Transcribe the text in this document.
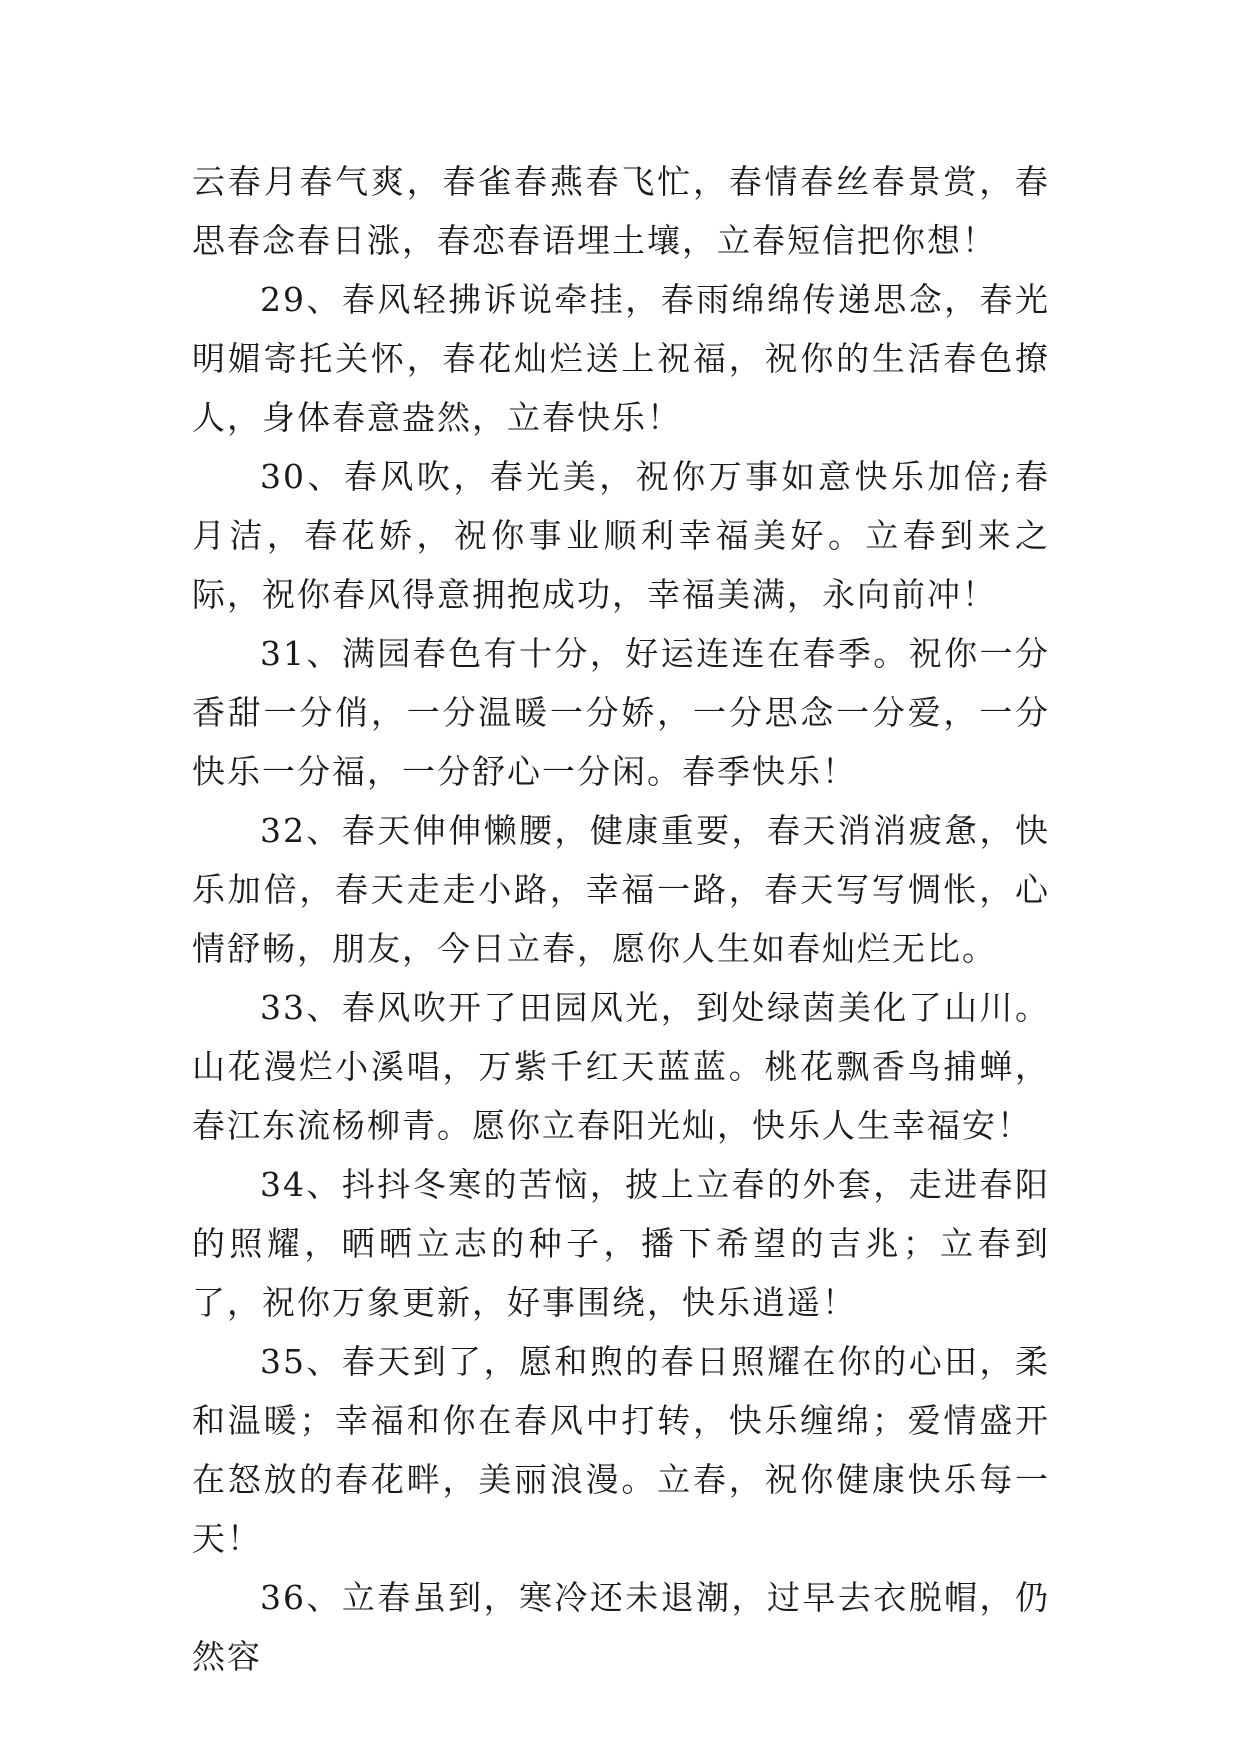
云春月春气爽，春雀春燕春飞忙，春情春丝春景赏，春思春念春日涨，春恋春语埋土壤，立春短信把你想！

29、春风轻拂诉说牵挂，春雨绵绵传递思念，春光明媚寄托关怀，春花灿烂送上祝福，祝你的生活春色撩人，身体春意盎然，立春快乐！

30、春风吹，春光美，祝你万事如意快乐加倍;春月洁，春花娇，祝你事业顺利幸福美好。立春到来之际，祝你春风得意拥抱成功，幸福美满，永向前冲！

31、满园春色有十分，好运连连在春季。祝你一分香甜一分俏，一分温暖一分娇，一分思念一分爱，一分快乐一分福，一分舒心一分闲。春季快乐！

32、春天伸伸懒腰，健康重要，春天消消疲惫，快乐加倍，春天走走小路，幸福一路，春天写写惆怅，心情舒畅，朋友，今日立春，愿你人生如春灿烂无比。

33、春风吹开了田园风光，到处绿茵美化了山川。山花漫烂小溪唱，万紫千红天蓝蓝。桃花飘香鸟捕蝉，春江东流杨柳青。愿你立春阳光灿，快乐人生幸福安！

34、抖抖冬寒的苦恼，披上立春的外套，走进春阳的照耀，晒晒立志的种子，播下希望的吉兆；立春到了，祝你万象更新，好事围绕，快乐逍遥！

35、春天到了，愿和煦的春日照耀在你的心田，柔和温暖；幸福和你在春风中打转，快乐缠绵；爱情盛开在怒放的春花畔，美丽浪漫。立春，祝你健康快乐每一天！

36、立春虽到，寒冷还未退潮，过早去衣脱帽，仍然容
